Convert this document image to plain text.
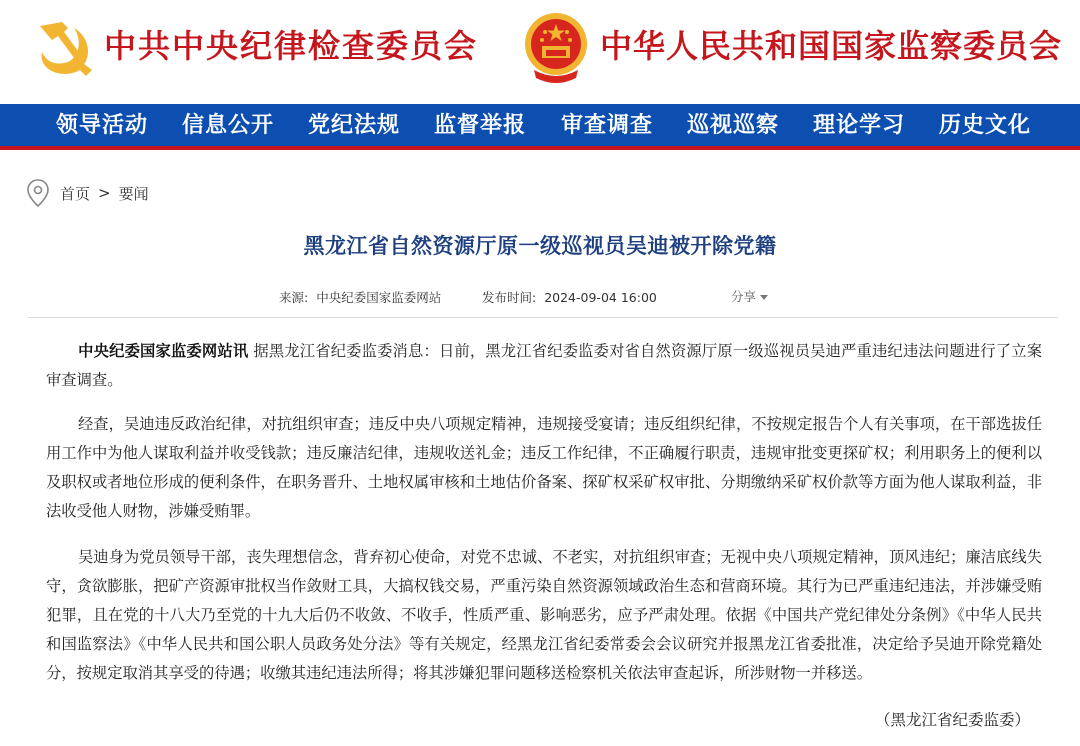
中共中央纪律检查委员会	中华人民共和国国家监察委员会
领导活动 信息公开 党纪法规 监督举报 审查调查 巡视巡察 理论学习 历史文化
首页 > 要闻
黑龙江省自然资源厅原一级巡视员吴迪被开除党籍
来源: 中央纪委国家监委网站	发布时间: 2024-09-04 16:00	分享

中央纪委国家监委网站讯 据黑龙江省纪委监委消息：日前，黑龙江省纪委监委对省自然资源厅原一级巡视员吴迪严重违纪违法问题进行了立案审查调查。

经查，吴迪违反政治纪律，对抗组织审查；违反中央八项规定精神，违规接受宴请；违反组织纪律，不按规定报告个人有关事项，在干部选拔任用工作中为他人谋取利益并收受钱款；违反廉洁纪律，违规收送礼金；违反工作纪律，不正确履行职责，违规审批变更探矿权；利用职务上的便利以及职权或者地位形成的便利条件，在职务晋升、土地权属审核和土地估价备案、探矿权采矿权审批、分期缴纳采矿权价款等方面为他人谋取利益，非法收受他人财物，涉嫌受贿罪。

吴迪身为党员领导干部，丧失理想信念，背弃初心使命，对党不忠诚、不老实，对抗组织审查；无视中央八项规定精神，顶风违纪；廉洁底线失守，贪欲膨胀，把矿产资源审批权当作敛财工具，大搞权钱交易，严重污染自然资源领域政治生态和营商环境。其行为已严重违纪违法，并涉嫌受贿犯罪，且在党的十八大乃至党的十九大后仍不收敛、不收手，性质严重、影响恶劣，应予严肃处理。依据《中国共产党纪律处分条例》《中华人民共和国监察法》《中华人民共和国公职人员政务处分法》等有关规定，经黑龙江省纪委常委会会议研究并报黑龙江省委批准，决定给予吴迪开除党籍处分，按规定取消其享受的待遇；收缴其违纪违法所得；将其涉嫌犯罪问题移送检察机关依法审查起诉，所涉财物一并移送。

（黑龙江省纪委监委）
